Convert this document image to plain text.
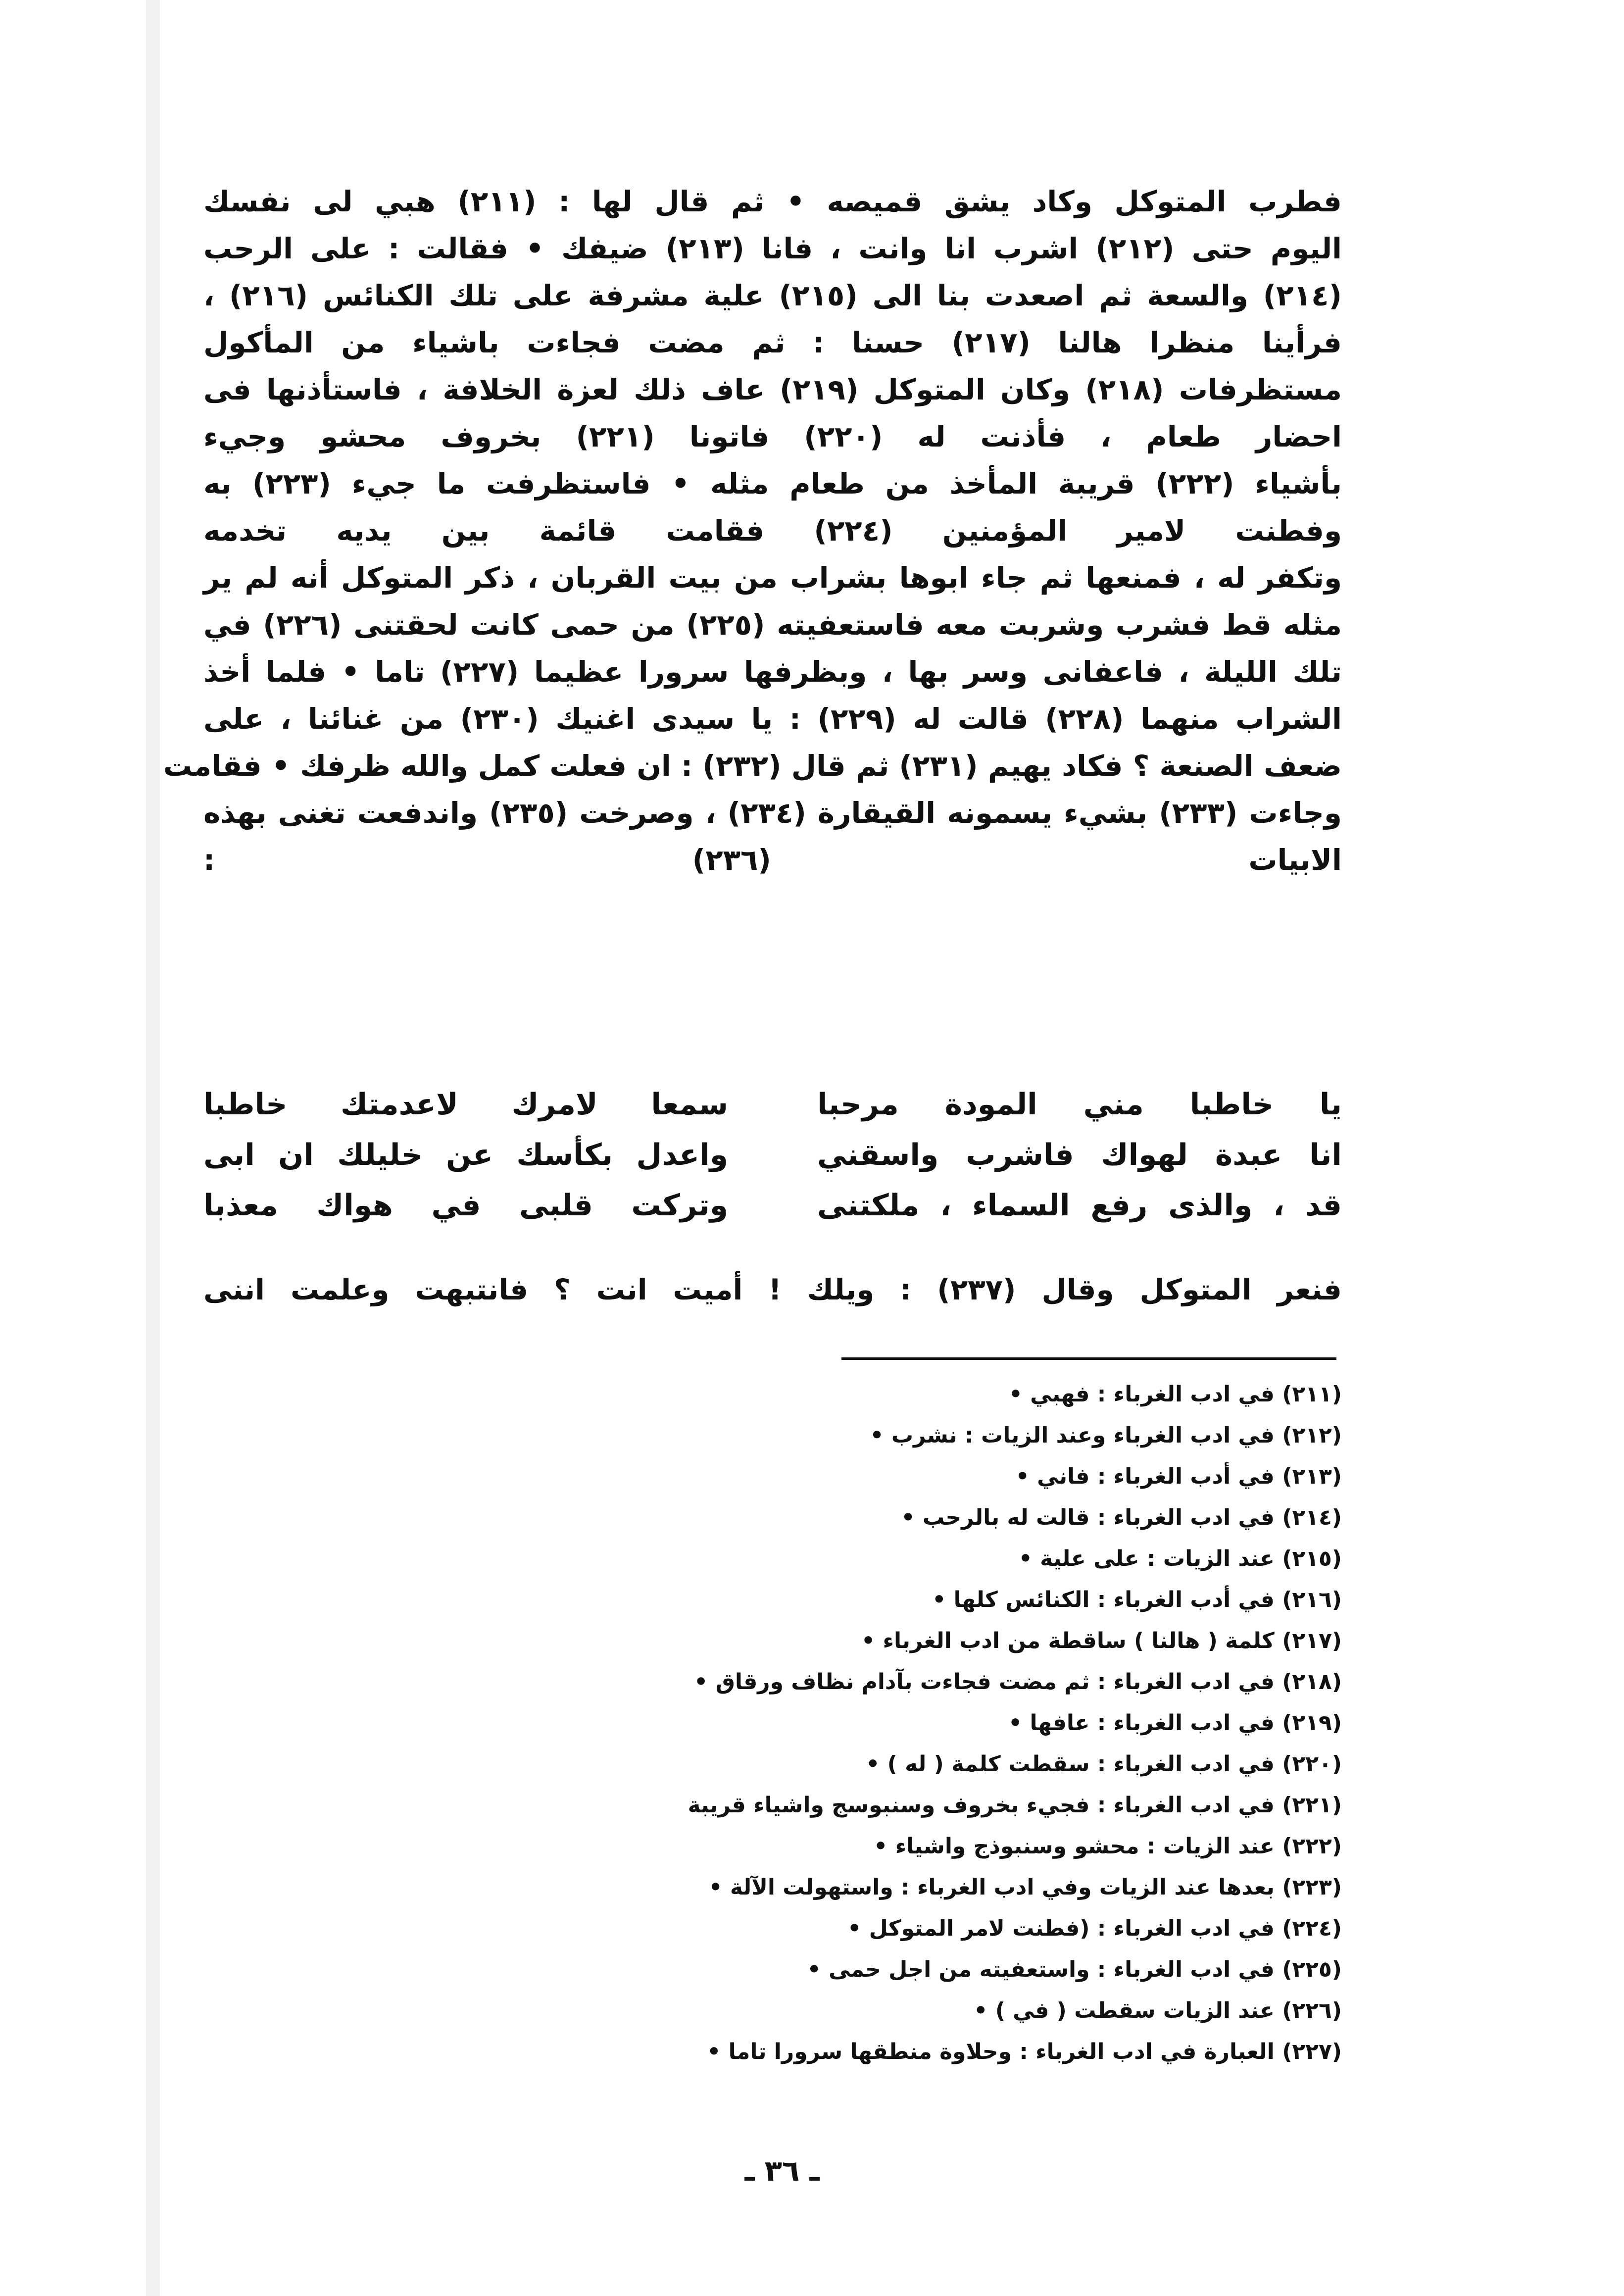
فطرب المتوكل وكاد يشق قميصه • ثم قال لها : (٢١١) هبي لى نفسك
اليوم حتى (٢١٢) اشرب انا وانت ، فانا (٢١٣) ضيفك • فقالت : على الرحب
(٢١٤) والسعة ثم اصعدت بنا الى (٢١٥) علية مشرفة على تلك الكنائس (٢١٦) ،
فرأينا منظرا هالنا (٢١٧) حسنا : ثم مضت فجاءت باشياء من المأكول
مستظرفات (٢١٨) وكان المتوكل (٢١٩) عاف ذلك لعزة الخلافة ، فاستأذنها فى
احضار طعام ، فأذنت له (٢٢٠) فاتونا (٢٢١) بخروف محشو وجيء
بأشياء (٢٢٢) قريبة المأخذ من طعام مثله • فاستظرفت ما جيء (٢٢٣) به
وفطنت لامير المؤمنين (٢٢٤) فقامت قائمة بين يديه تخدمه
وتكفر له ، فمنعها ثم جاء ابوها بشراب من بيت القربان ، ذكر المتوكل أنه لم ير
مثله قط فشرب وشربت معه فاستعفيته (٢٢٥) من حمى كانت لحقتنى (٢٢٦) في
تلك الليلة ، فاعفانى وسر بها ، وبظرفها سرورا عظيما (٢٢٧) تاما • فلما أخذ
الشراب منهما (٢٢٨) قالت له (٢٢٩) : يا سيدى اغنيك (٢٣٠) من غنائنا ، على
ضعف الصنعة ؟ فكاد يهيم (٢٣١) ثم قال (٢٣٢) : ان فعلت كمل والله ظرفك • فقامت
وجاءت (٢٣٣) بشيء يسمونه القيقارة (٢٣٤) ، وصرخت (٢٣٥) واندفعت تغنى بهذه
الابيات (٢٣٦) :
يا خاطبا مني المودة مرحبا
سمعا لامرك لاعدمتك خاطبا
انا عبدة لهواك فاشرب واسقني
واعدل بكأسك عن خليلك ان ابى
قد ، والذى رفع السماء ، ملكتنى
وتركت قلبى في هواك معذبا
فنعر المتوكل وقال (٢٣٧) : ويلك ! أميت انت ؟ فانتبهت وعلمت اننى
(٢١١) في ادب الغرباء : فهبي •
(٢١٢) في ادب الغرباء وعند الزيات : نشرب •
(٢١٣) في أدب الغرباء : فاني •
(٢١٤) في ادب الغرباء : قالت له بالرحب •
(٢١٥) عند الزيات : على علية •
(٢١٦) في أدب الغرباء : الكنائس كلها •
(٢١٧) كلمة ( هالنا ) ساقطة من ادب الغرباء •
(٢١٨) في ادب الغرباء : ثم مضت فجاءت بآدام نظاف ورقاق •
(٢١٩) في ادب الغرباء : عافها •
(٢٢٠) في ادب الغرباء : سقطت كلمة ( له ) •
(٢٢١) في ادب الغرباء : فجيء بخروف وسنبوسج واشياء قريبة
(٢٢٢) عند الزيات : محشو وسنبوذج واشياء •
(٢٢٣) بعدها عند الزيات وفي ادب الغرباء : واستهولت الآلة •
(٢٢٤) في ادب الغرباء : (فطنت لامر المتوكل •
(٢٢٥) في ادب الغرباء : واستعفيته من اجل حمى •
(٢٢٦) عند الزيات سقطت ( في ) •
(٢٢٧) العبارة في ادب الغرباء : وحلاوة منطقها سرورا تاما •
ـ ٣٦ ـ
